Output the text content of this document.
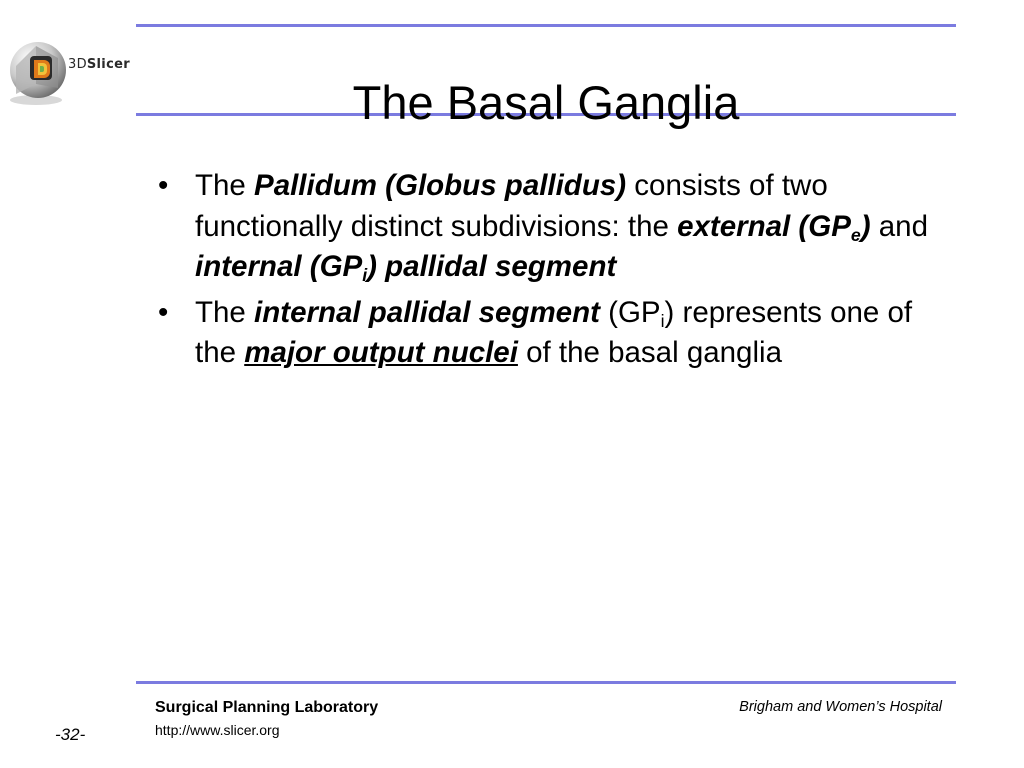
3DSlicer
The Basal Ganglia
• The Pallidum (Globus pallidus) consists of two functionally distinct subdivisions: the external $(GP_e)$ and internal $(GP_i)$ pallidal segment
• The internal pallidal segment $(GP_i)$ represents one of the major output nuclei of the basal ganglia
Surgical Planning Laboratory
http://www.slicer.org
Brigham and Women’s Hospital
-32-
